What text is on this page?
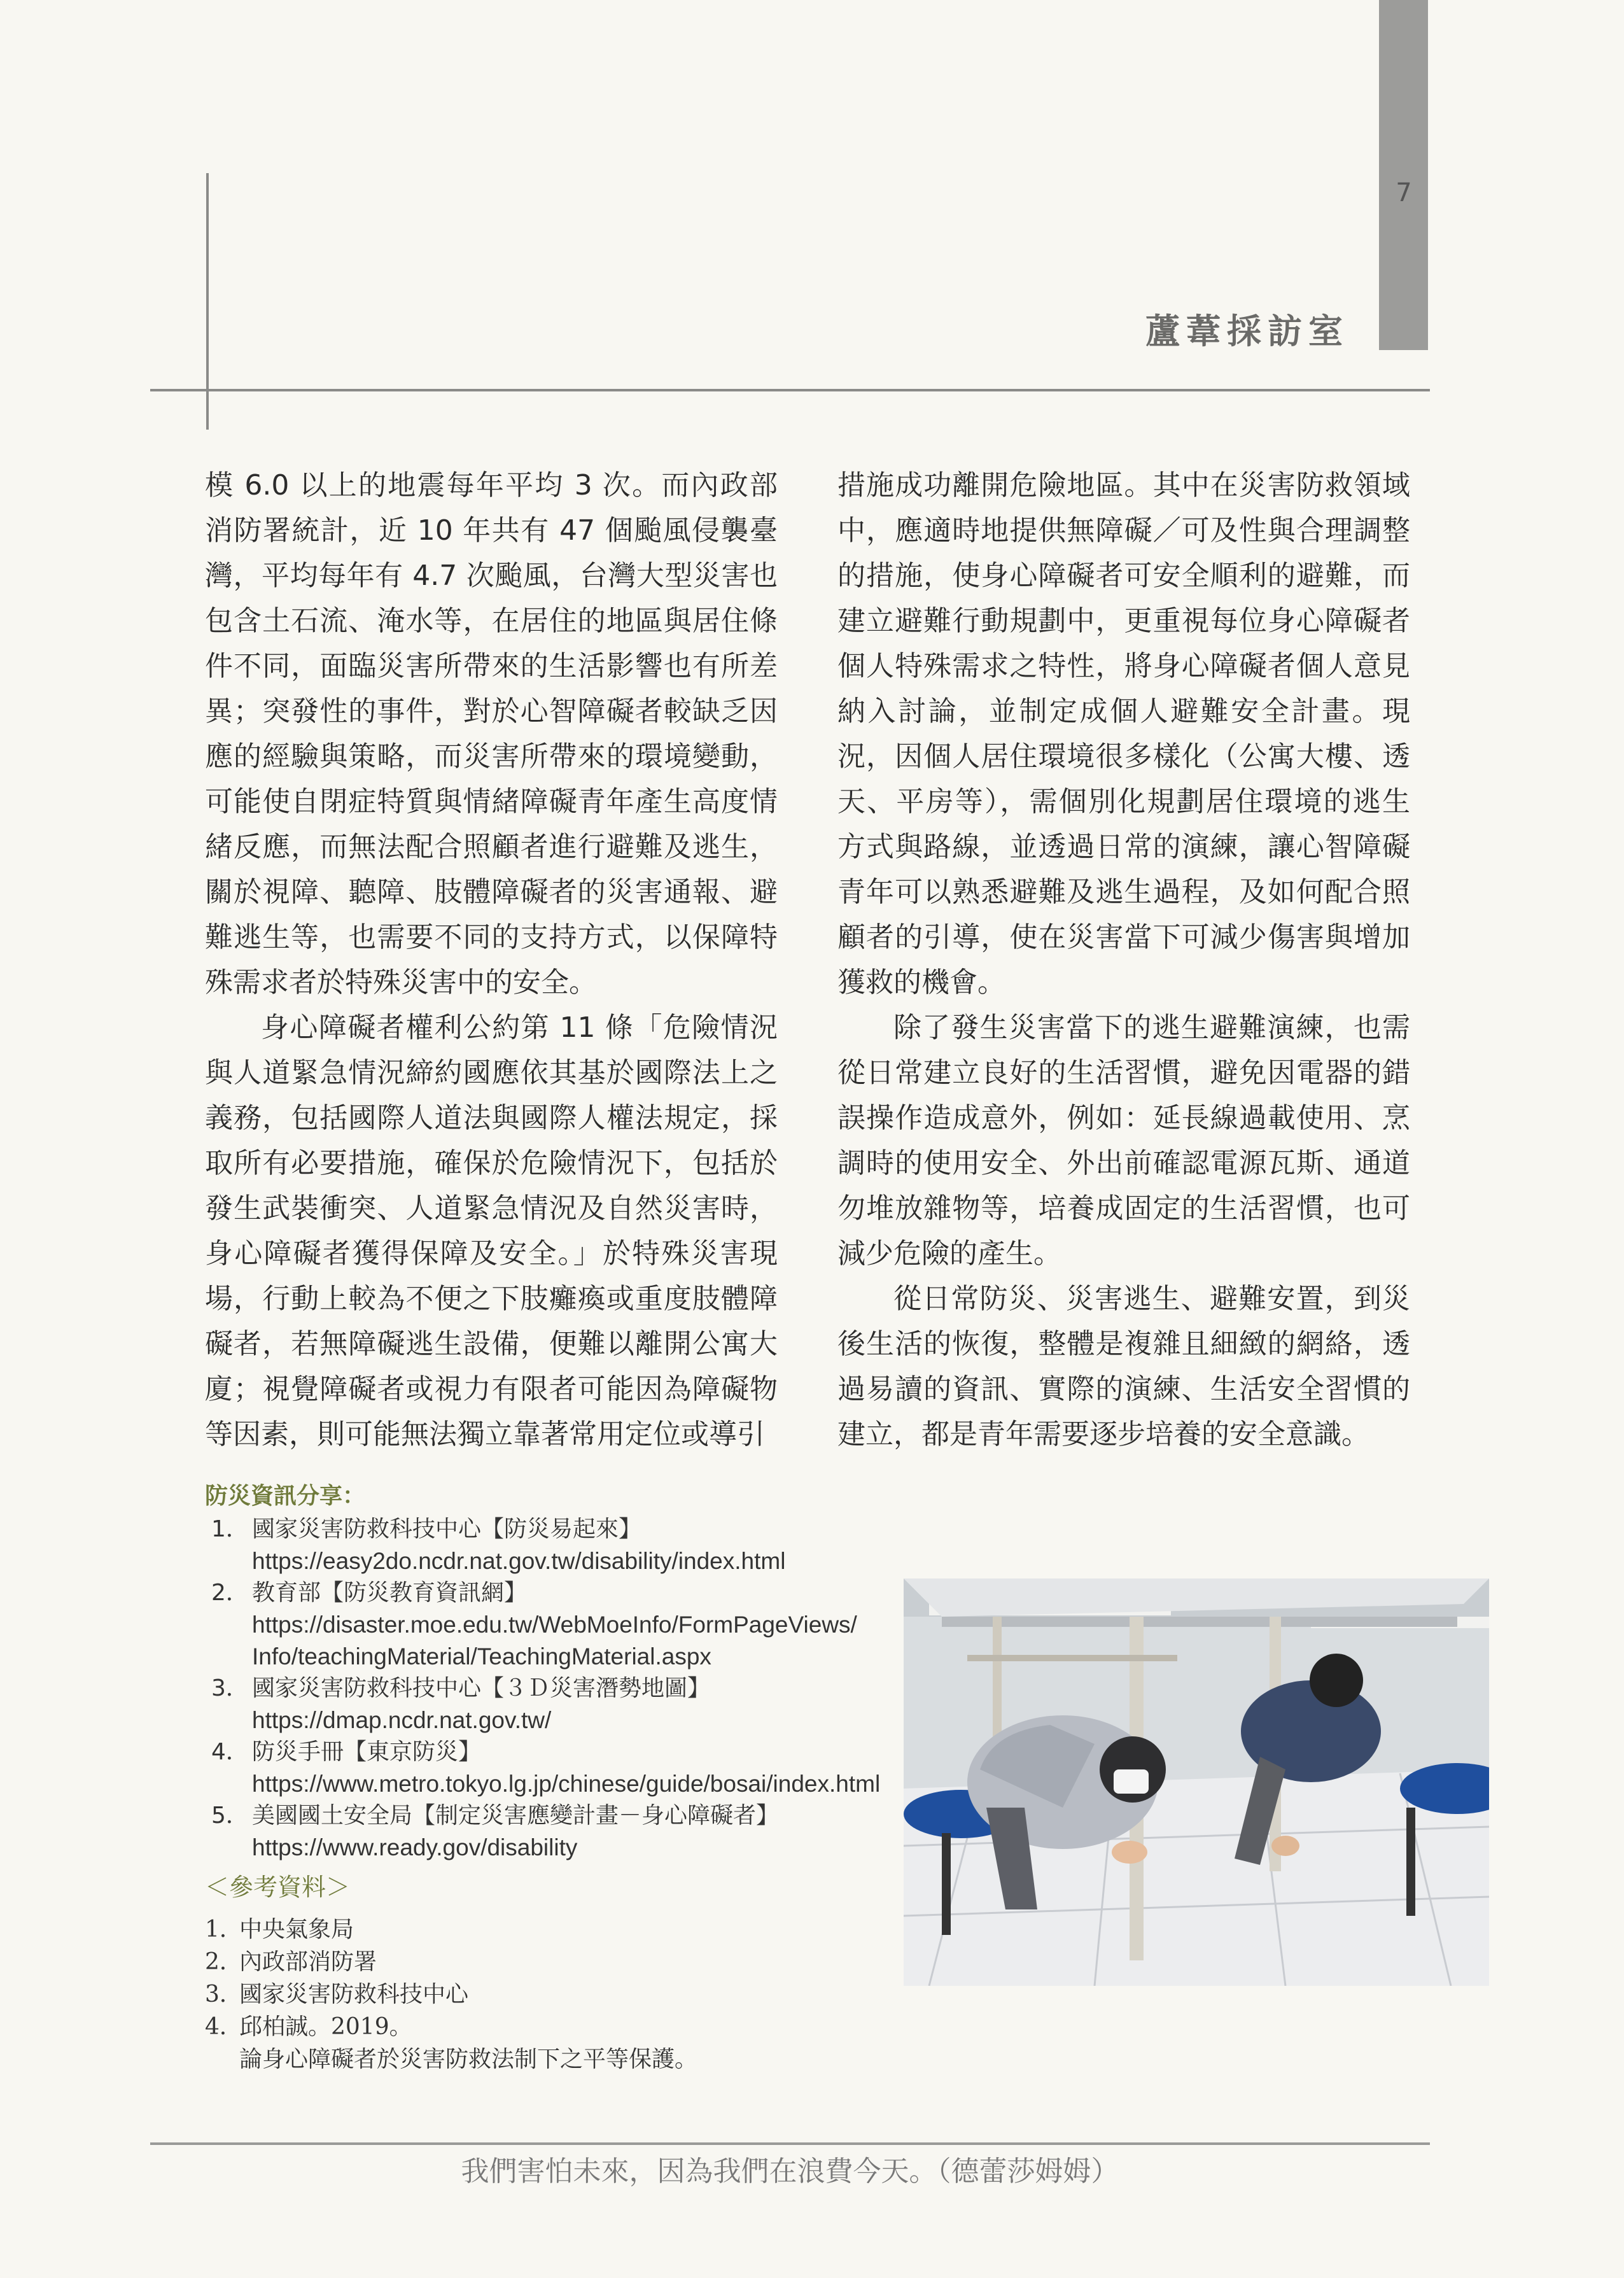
7
蘆葦採訪室

模 6.0 以上的地震每年平均 3 次。而內政部消防署統計，近 10 年共有 47 個颱風侵襲臺灣，平均每年有 4.7 次颱風，台灣大型災害也包含土石流、淹水等，在居住的地區與居住條件不同，面臨災害所帶來的生活影響也有所差異；突發性的事件，對於心智障礙者較缺乏因應的經驗與策略，而災害所帶來的環境變動，可能使自閉症特質與情緒障礙青年產生高度情緒反應，而無法配合照顧者進行避難及逃生，關於視障、聽障、肢體障礙者的災害通報、避難逃生等，也需要不同的支持方式，以保障特殊需求者於特殊災害中的安全。

身心障礙者權利公約第 11 條「危險情況與人道緊急情況締約國應依其基於國際法上之義務，包括國際人道法與國際人權法規定，採取所有必要措施，確保於危險情況下，包括於發生武裝衝突、人道緊急情況及自然災害時，身心障礙者獲得保障及安全。」於特殊災害現場，行動上較為不便之下肢癱瘓或重度肢體障礙者，若無障礙逃生設備，便難以離開公寓大廈；視覺障礙者或視力有限者可能因為障礙物等因素，則可能無法獨立靠著常用定位或導引

措施成功離開危險地區。其中在災害防救領域中，應適時地提供無障礙／可及性與合理調整的措施，使身心障礙者可安全順利的避難，而建立避難行動規劃中，更重視每位身心障礙者個人特殊需求之特性，將身心障礙者個人意見納入討論，並制定成個人避難安全計畫。現況，因個人居住環境很多樣化（公寓大樓、透天、平房等），需個別化規劃居住環境的逃生方式與路線，並透過日常的演練，讓心智障礙青年可以熟悉避難及逃生過程，及如何配合照顧者的引導，使在災害當下可減少傷害與增加獲救的機會。

除了發生災害當下的逃生避難演練，也需從日常建立良好的生活習慣，避免因電器的錯誤操作造成意外，例如：延長線過載使用、烹調時的使用安全、外出前確認電源瓦斯、通道勿堆放雜物等，培養成固定的生活習慣，也可減少危險的產生。

從日常防災、災害逃生、避難安置，到災後生活的恢復，整體是複雜且細緻的網絡，透過易讀的資訊、實際的演練、生活安全習慣的建立，都是青年需要逐步培養的安全意識。

防災資訊分享：
1． 國家災害防救科技中心【防災易起來】
https://easy2do.ncdr.nat.gov.tw/disability/index.html
2． 教育部【防災教育資訊網】
https://disaster.moe.edu.tw/WebMoeInfo/FormPageViews/
Info/teachingMaterial/TeachingMaterial.aspx
3． 國家災害防救科技中心【３Ｄ災害潛勢地圖】
https://dmap.ncdr.nat.gov.tw/
4． 防災手冊【東京防災】
https://www.metro.tokyo.lg.jp/chinese/guide/bosai/index.html
5． 美國國土安全局【制定災害應變計畫－身心障礙者】
https://www.ready.gov/disability
＜參考資料＞
1．
中央氣象局
2．
內政部消防署
3．
國家災害防救科技中心
4．
邱柏誠。2019。
論身心障礙者於災害防救法制下之平等保護。
我們害怕未來，因為我們在浪費今天。（德蕾莎姆姆）
